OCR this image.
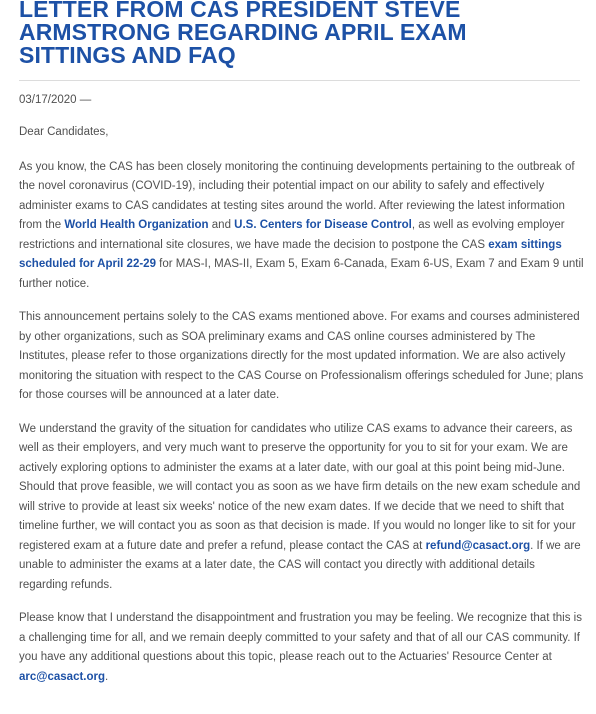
LETTER FROM CAS PRESIDENT STEVE
ARMSTRONG REGARDING APRIL EXAM
SITTINGS AND FAQ
03/17/2020 —

Dear Candidates,

As you know, the CAS has been closely monitoring the continuing developments pertaining to the outbreak of the novel coronavirus (COVID-19), including their potential impact on our ability to safely and effectively administer exams to CAS candidates at testing sites around the world. After reviewing the latest information from the World Health Organization and U.S. Centers for Disease Control, as well as evolving employer restrictions and international site closures, we have made the decision to postpone the CAS exam sittings scheduled for April 22-29 for MAS-I, MAS-II, Exam 5, Exam 6-Canada, Exam 6-US, Exam 7 and Exam 9 until further notice.

This announcement pertains solely to the CAS exams mentioned above. For exams and courses administered by other organizations, such as SOA preliminary exams and CAS online courses administered by The Institutes, please refer to those organizations directly for the most updated information. We are also actively monitoring the situation with respect to the CAS Course on Professionalism offerings scheduled for June; plans for those courses will be announced at a later date.

We understand the gravity of the situation for candidates who utilize CAS exams to advance their careers, as well as their employers, and very much want to preserve the opportunity for you to sit for your exam. We are actively exploring options to administer the exams at a later date, with our goal at this point being mid-June. Should that prove feasible, we will contact you as soon as we have firm details on the new exam schedule and will strive to provide at least six weeks' notice of the new exam dates. If we decide that we need to shift that timeline further, we will contact you as soon as that decision is made. If you would no longer like to sit for your registered exam at a future date and prefer a refund, please contact the CAS at refund@casact.org. If we are unable to administer the exams at a later date, the CAS will contact you directly with additional details regarding refunds.

Please know that I understand the disappointment and frustration you may be feeling. We recognize that this is a challenging time for all, and we remain deeply committed to your safety and that of all our CAS community. If you have any additional questions about this topic, please reach out to the Actuaries' Resource Center at arc@casact.org.
